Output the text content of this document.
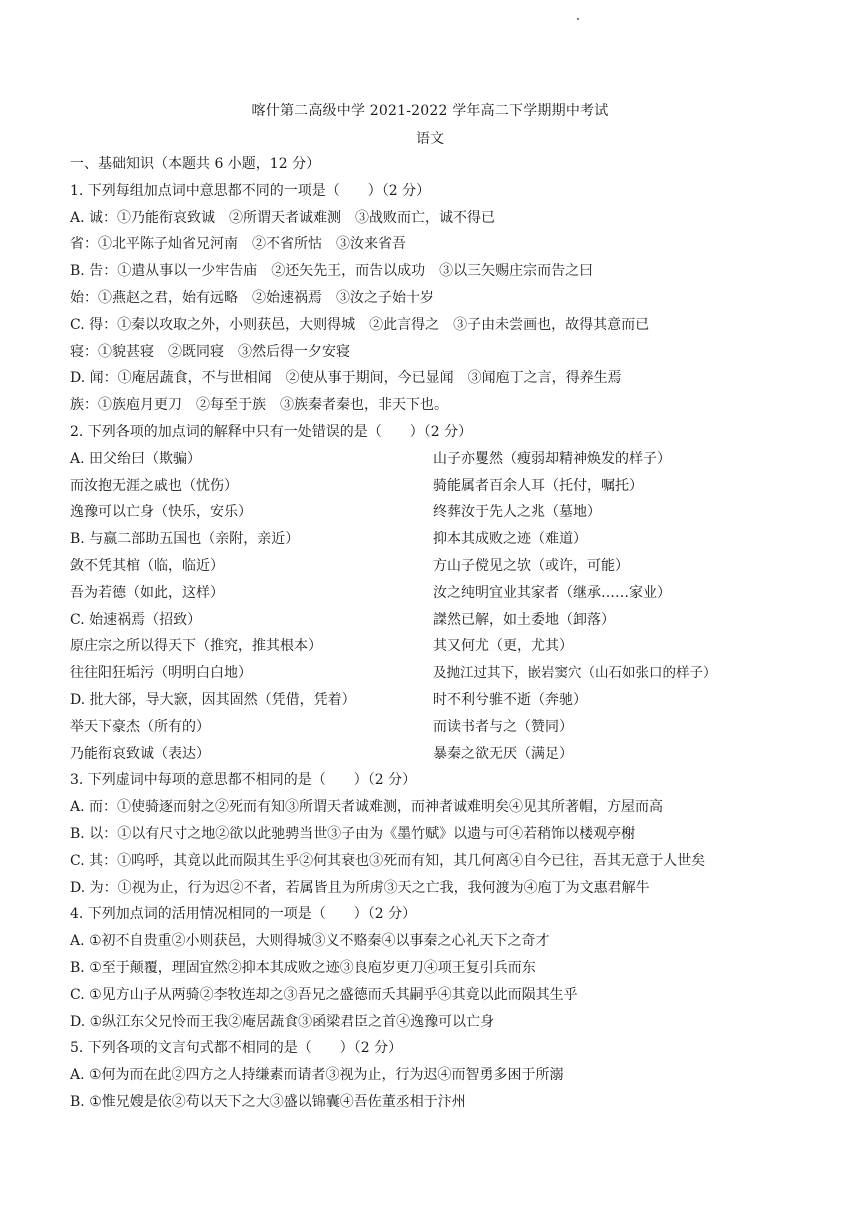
喀什第二高级中学 2021-2022 学年高二下学期期中考试
语文
一、基础知识（本题共 6 小题，12 分）
1. 下列每组加点词中意思都不同的一项是（　　）（2 分）
A. 诚：①乃能衔哀致诚　②所谓天者诚难测　③战败而亡，诚不得已
省：①北平陈子灿省兄河南　②不省所怙　③汝来省吾
B. 告：①遣从事以一少牢告庙　②还矢先王，而告以成功　③以三矢赐庄宗而告之曰
始：①燕赵之君，始有远略　②始速祸焉　③汝之子始十岁
C. 得：①秦以攻取之外，小则获邑，大则得城　②此言得之　③子由未尝画也，故得其意而已
寝：①貌甚寝　②既同寝　③然后得一夕安寝
D. 闻：①庵居蔬食，不与世相闻　②使从事于期间，今已显闻　③闻庖丁之言，得养生焉
族：①族庖月更刀　②每至于族　③族秦者秦也，非天下也。
2. 下列各项的加点词的解释中只有一处错误的是（　　）（2 分）
A. 田父绐曰（欺骗）	山子亦矍然（瘦弱却精神焕发的样子）
而汝抱无涯之戚也（忧伤）	骑能属者百余人耳（托付，嘱托）
逸豫可以亡身（快乐，安乐）	终葬汝于先人之兆（墓地）
B. 与嬴二部助五国也（亲附，亲近）	抑本其成败之迹（难道）
敛不凭其棺（临，临近）	方山子傥见之欤（或许，可能）
吾为若德（如此，这样）	汝之纯明宜业其家者（继承……家业）
C. 始速祸焉（招致）	謋然已解，如土委地（卸落）
原庄宗之所以得天下（推究，推其根本）	其又何尤（更，尤其）
往往阳狂垢污（明明白白地）	及抛江过其下，嵌岩窦穴（山石如张口的样子）
D. 批大郤，导大窾，因其固然（凭借，凭着）	时不利兮骓不逝（奔驰）
举天下豪杰（所有的）	而读书者与之（赞同）
乃能衔哀致诚（表达）	暴秦之欲无厌（满足）
3. 下列虚词中每项的意思都不相同的是（　　）（2 分）
A. 而：①使骑逐而射之②死而有知③所谓天者诚难测，而神者诚难明矣④见其所著帽，方屋而高
B. 以：①以有尺寸之地②欲以此驰骋当世③子由为《墨竹赋》以遗与可④若稍饰以楼观亭榭
C. 其：①呜呼，其竟以此而陨其生乎②何其衰也③死而有知，其几何离④自今已往，吾其无意于人世矣
D. 为：①视为止，行为迟②不者，若属皆且为所虏③天之亡我，我何渡为④庖丁为文惠君解牛
4. 下列加点词的活用情况相同的一项是（　　）（2 分）
A. ①初不自贵重②小则获邑，大则得城③义不赂秦④以事秦之心礼天下之奇才
B. ①至于颠覆，理固宜然②抑本其成败之迹③良庖岁更刀④项王复引兵而东
C. ①见方山子从两骑②李牧连却之③吾兄之盛德而夭其嗣乎④其竟以此而陨其生乎
D. ①纵江东父兄怜而王我②庵居蔬食③函梁君臣之首④逸豫可以亡身
5. 下列各项的文言句式都不相同的是（　　）（2 分）
A. ①何为而在此②四方之人持缣素而请者③视为止，行为迟④而智勇多困于所溺
B. ①惟兄嫂是依②苟以天下之大③盛以锦囊④吾佐董丞相于汴州
